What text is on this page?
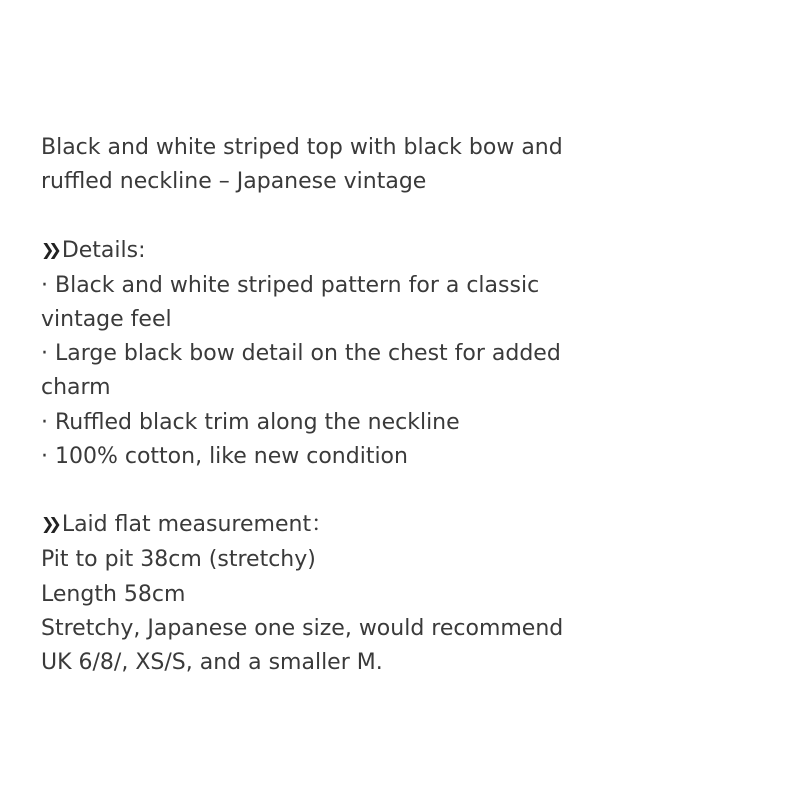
Black and white striped top with black bow and
ruffled neckline – Japanese vintage
❯❯ Details:
· Black and white striped pattern for a classic
vintage feel
· Large black bow detail on the chest for added
charm
· Ruffled black trim along the neckline
· 100% cotton, like new condition
❯❯ Laid flat measurement：
Pit to pit 38cm (stretchy)
Length 58cm
Stretchy, Japanese one size, would recommend
UK 6/8/, XS/S, and a smaller M.
